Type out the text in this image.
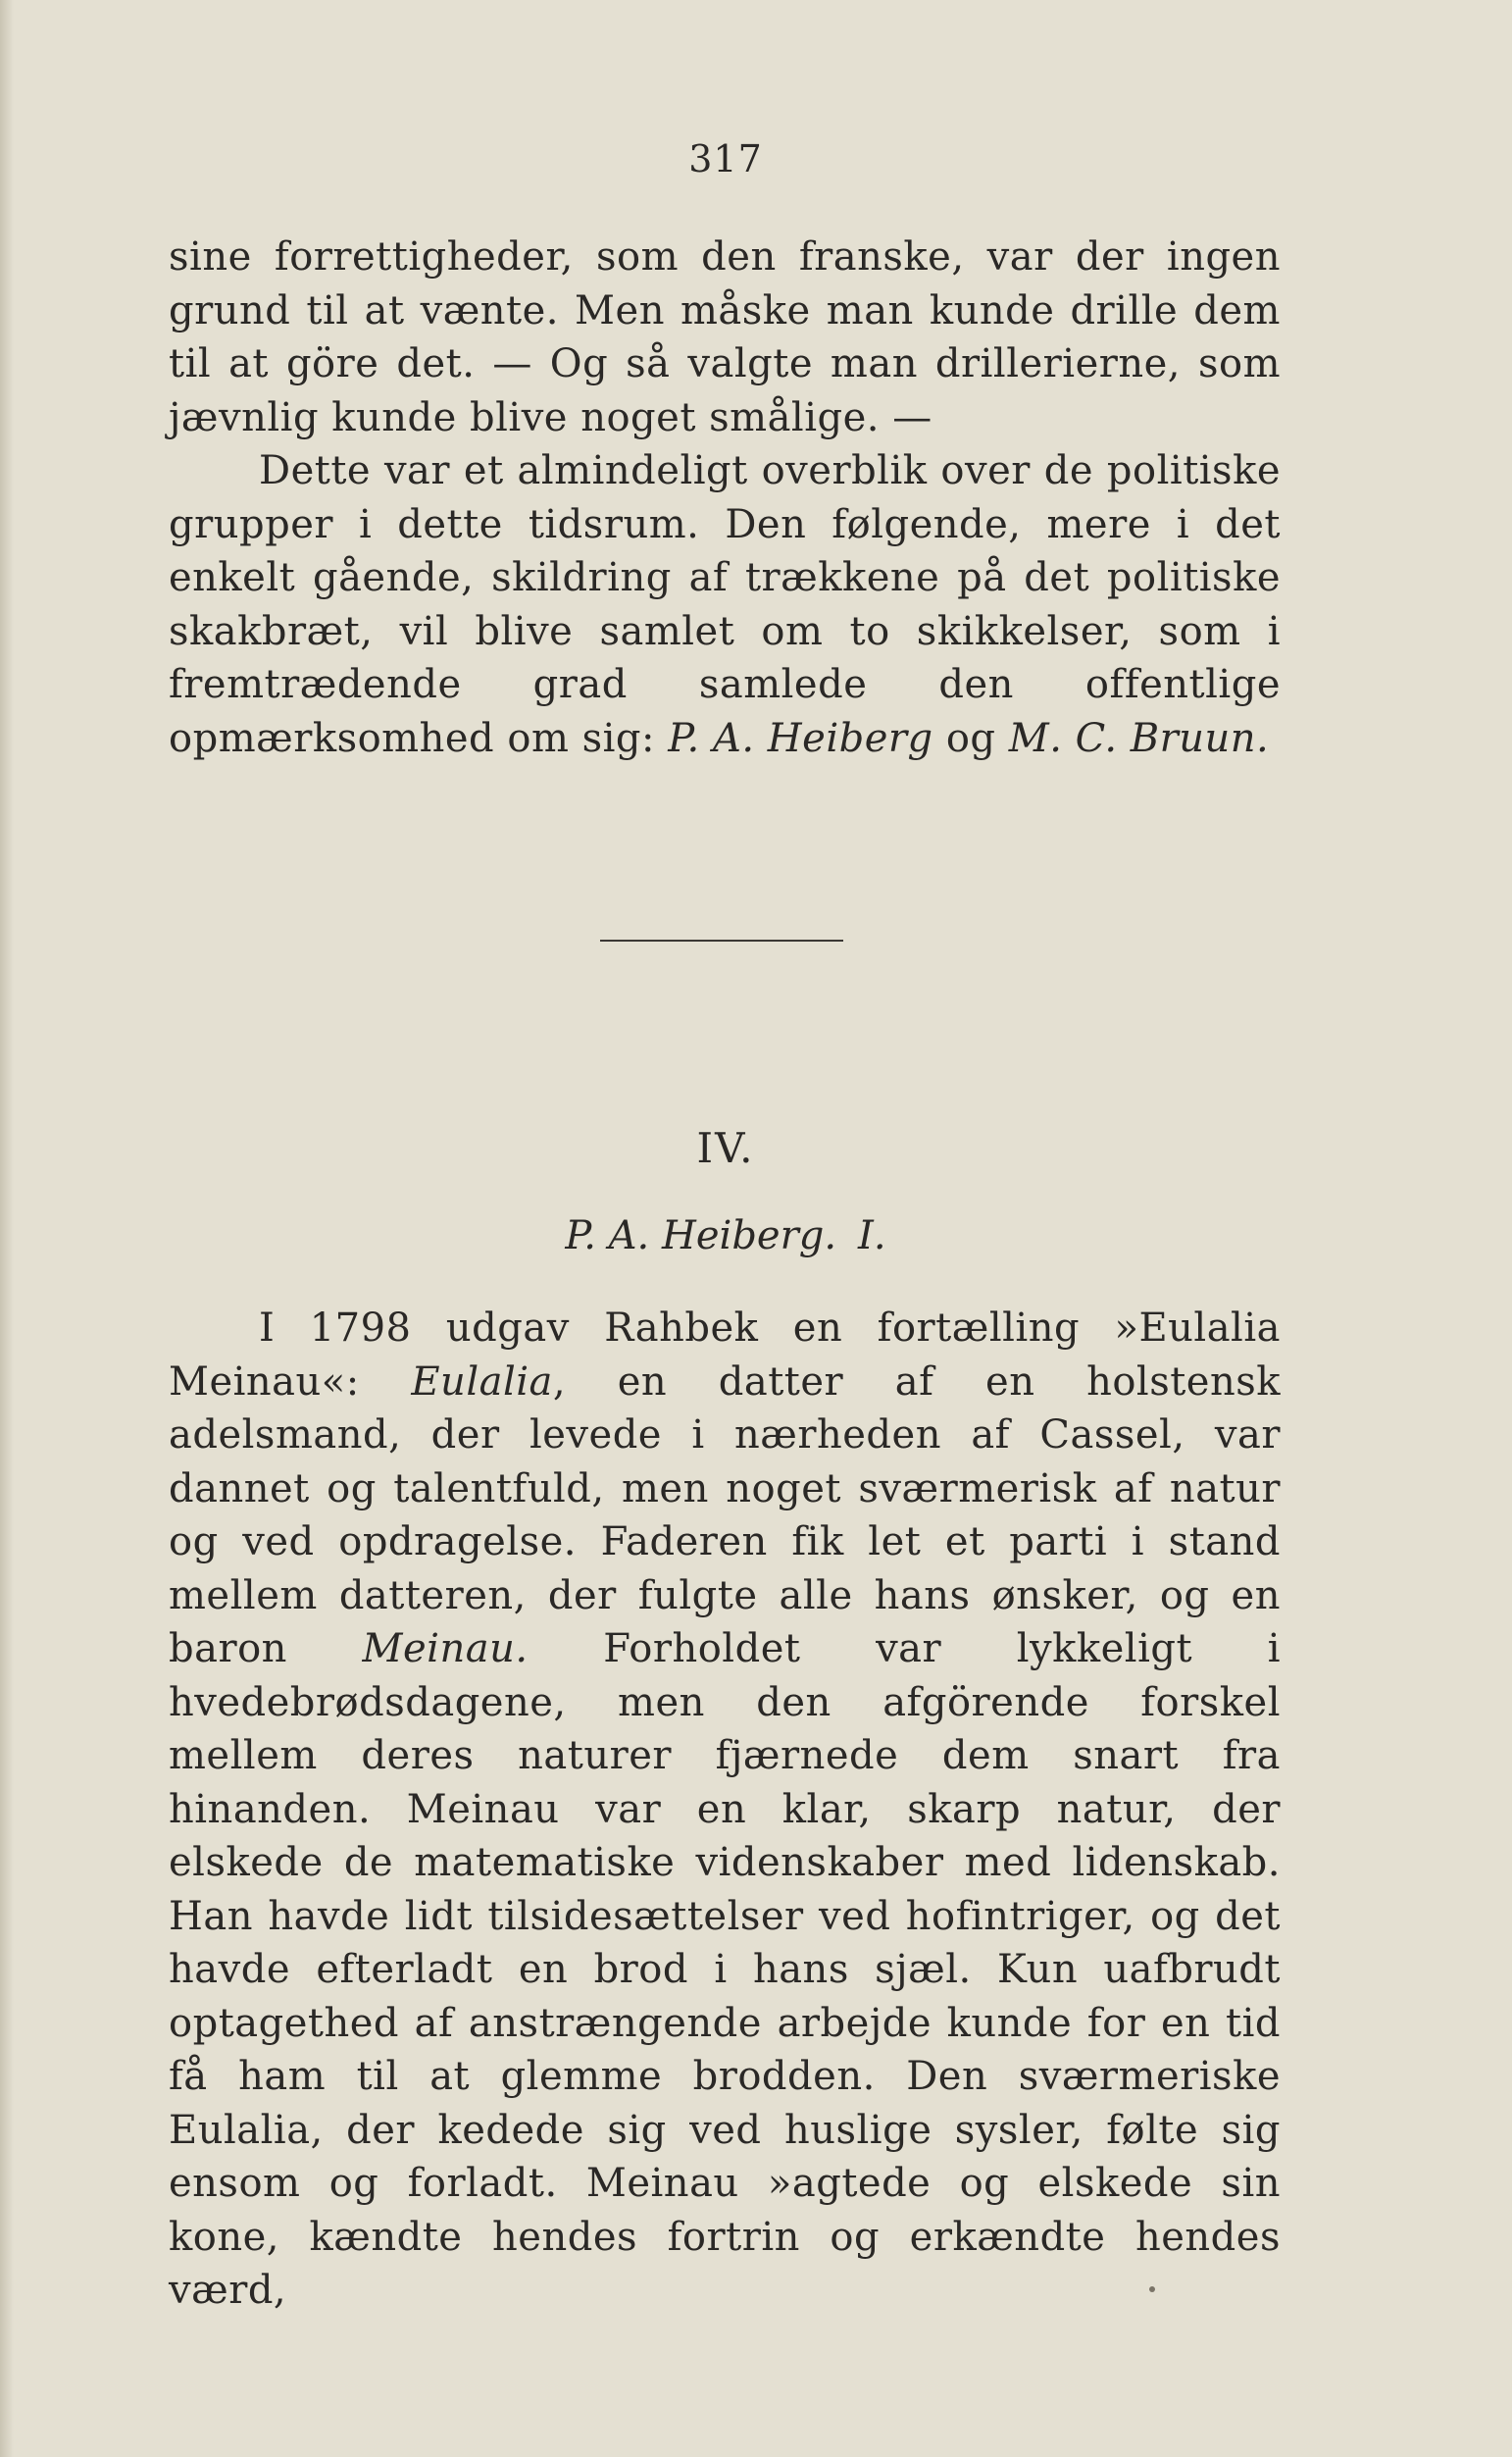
317

sine forrettigheder, som den franske, var der ingen grund til at vænte. Men måske man kunde drille dem til at göre det. — Og så valgte man drillerierne, som jævnlig kunde blive noget smålige. —

Dette var et almindeligt overblik over de politiske grupper i dette tidsrum. Den følgende, mere i det enkelt gående, skildring af trækkene på det politiske skakbræt, vil blive samlet om to skikkelser, som i fremtrædende grad samlede den offentlige opmærksomhed om sig: P. A. Heiberg og M. C. Bruun.

IV.
P. A. Heiberg. I.

I 1798 udgav Rahbek en fortælling »Eulalia Meinau«: Eulalia, en datter af en holstensk adelsmand, der levede i nærheden af Cassel, var dannet og talentfuld, men noget sværmerisk af natur og ved opdragelse. Faderen fik let et parti i stand mellem datteren, der fulgte alle hans ønsker, og en baron Meinau. Forholdet var lykkeligt i hvedebrødsdagene, men den afgörende forskel mellem deres naturer fjærnede dem snart fra hinanden. Meinau var en klar, skarp natur, der elskede de matematiske videnskaber med lidenskab. Han havde lidt tilsidesættelser ved hofintriger, og det havde efterladt en brod i hans sjæl. Kun uafbrudt optagethed af anstrængende arbejde kunde for en tid få ham til at glemme brodden. Den sværmeriske Eulalia, der kedede sig ved huslige sysler, følte sig ensom og forladt. Meinau »agtede og elskede sin kone, kændte hendes fortrin og erkændte hendes værd,
